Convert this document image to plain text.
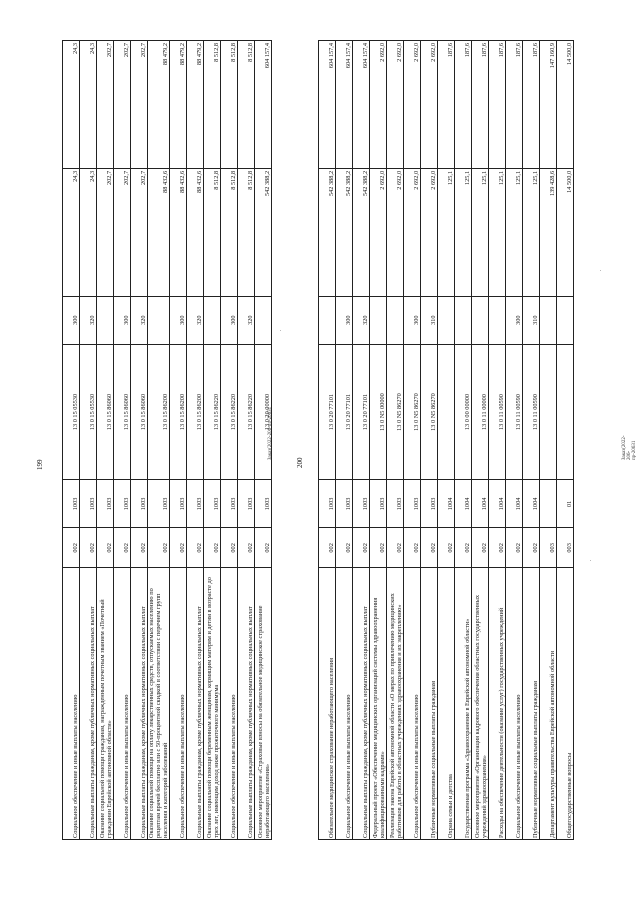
199	200
Социальное обеспечение и иные выплаты населению	002	1003	13 0 15 05530	300	24,3	24,3
Социальные выплаты гражданам, кроме публичных нормативных социальных выплат	002	1003	13 0 15 05530	320	24,3	24,3
Оказание социальной помощи гражданам, награжденным почетным званием «Почетный гражданин Еврейской автономной области»	002	1003	13 0 15 86060		202,7	202,7
Социальное обеспечение и иные выплаты населению	002	1003	13 0 15 86060	300	202,7	202,7
Социальные выплаты гражданам, кроме публичных нормативных социальных выплат	002	1003	13 0 15 86060	320	202,7	202,7
Оказание социальной помощи на оплату лекарственных средств, отпускаемых населению по рецептам врачей бесплатно или с 50-процентной скидкой в соответствии с перечнем групп населения и категорий заболеваний	002	1003	13 0 15 86200		88 432,6	88 479,2
Социальное обеспечение и иные выплаты населению	002	1003	13 0 15 86200	300	88 432,6	88 479,2
Социальные выплаты гражданам, кроме публичных нормативных социальных выплат	002	1003	13 0 15 86200	320	88 432,6	88 479,2
Оказание социальной помощи беременным женщинам, кормящим матерям и детям в возрасте до трех лет, имеющим доход ниже прожиточного минимума	002	1003	13 0 15 86220		8 512,8	8 512,8
Социальное обеспечение и иные выплаты населению	002	1003	13 0 15 86220	300	8 512,8	8 512,8
Социальные выплаты гражданам, кроме публичных нормативных социальных выплат	002	1003	13 0 15 86220	320	8 512,8	8 512,8
Основное мероприятие «Страховые взносы на обязательное медицинское страхование неработающего населения»	002	1003	13 0 20 00000		542 388,2	604 157,4
Обязательное медицинское страхование неработающего населения	002	1003	13 0 20 77101		542 388,2	604 157,4
Социальное обеспечение и иные выплаты населению	002	1003	13 0 20 77101	300	542 388,2	604 157,4
Социальные выплаты гражданам, кроме публичных нормативных социальных выплат	002	1003	13 0 20 77101	320	542 388,2	604 157,4
Федеральный проект «Обеспечение медицинских организаций системы здравоохранения квалифицированными кадрами»	002	1003	13 0 N5 00000		2 692,0	2 692,0
Реализация закона Еврейской автономной области «О мерах по привлечению медицинских работников для работы в областных учреждениях здравоохранения и их закреплению»	002	1003	13 0 N5 86270		2 692,0	2 692,0
Социальное обеспечение и иные выплаты населению	002	1003	13 0 N5 86270	300	2 692,0	2 692,0
Публичные нормативные социальные выплаты гражданам	002	1003	13 0 N5 86270	310	2 692,0	2 692,0
Охрана семьи и детства	002	1004			125,1	187,6
Государственная программа «Здравоохранение в Еврейской автономной области»	002	1004	13 0 00 00000		125,1	187,6
Основное мероприятие «Организация кадрового обеспечения областных государственных учреждений здравоохранения»	002	1004	13 0 11 00000		125,1	187,6
Расходы на обеспечение деятельности (оказание услуг) государственных учреждений	002	1004	13 0 11 00590		125,1	187,6
Социальное обеспечение и иные выплаты населению	002	1004	13 0 11 00590	300	125,1	187,6
Публичные нормативные социальные выплаты гражданам	002	1004	13 0 11 00590	310	125,1	187,6
Департамент культуры правительства Еврейской автономной области	003				139 428,6	147 160,9
Общегосударственные вопросы	003	01			14 500,0	14 500,0
Заказ(2022-206-пр-20631	Заказ(2022-206-пр-20631
